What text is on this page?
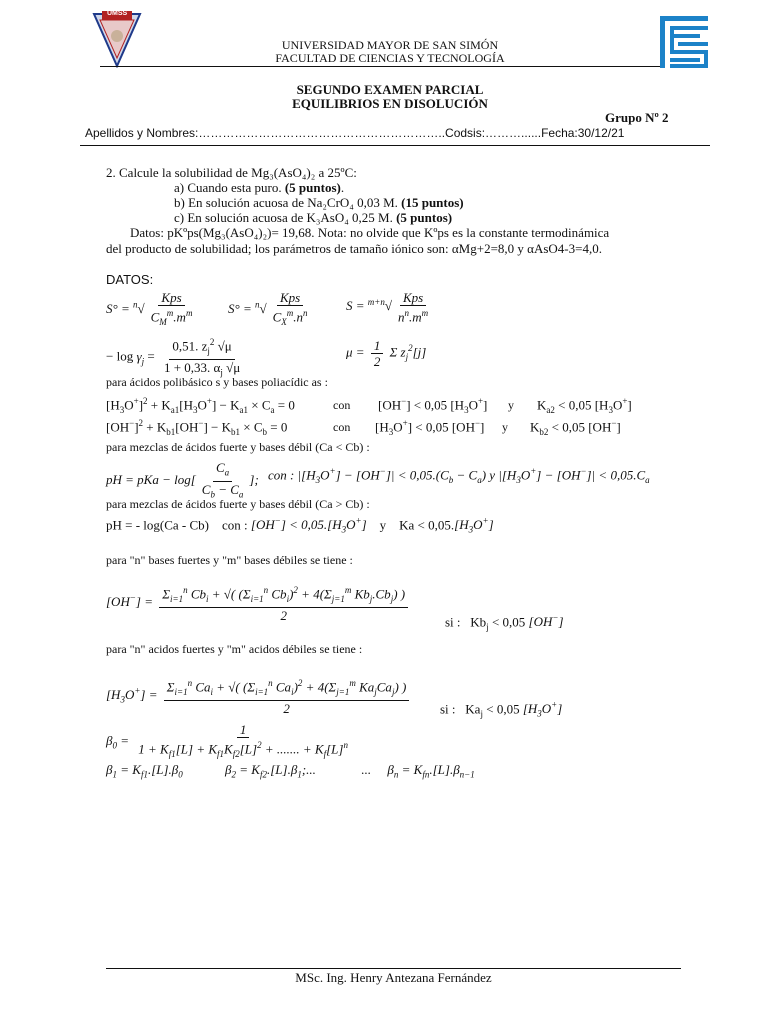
UMSS
UNIVERSIDAD MAYOR DE SAN SIMÓN
FACULTAD DE CIENCIAS Y TECNOLOGÍA
SEGUNDO EXAMEN PARCIAL
EQUILIBRIOS EN DISOLUCIÓN
Grupo Nº 2
Apellidos y Nombres:……………………………………………………..Codsis:………......Fecha:30/12/21
2. Calcule la solubilidad de Mg₃(AsO₄)₂ a 25ºC:
a) Cuando esta puro. (5 puntos).
b) En solución acuosa de Na₂CrO₄ 0,03 M. (15 puntos)
c) En solución acuosa de K₃AsO₄ 0,25 M. (5 puntos)
Datos: pKºps(Mg₃(AsO₄)₂)= 19,68. Nota: no olvide que Kºps es la constante termodinámica
del producto de solubilidad; los parámetros de tamaño iónico son: αMg+2=8,0 y αAsO4-3=4,0.
DATOS:
$S^\circ = ^n√ \frac{\text{Kps}}{C_M^m.m^m}$	$S^\circ = ^n√ \frac{\text{Kps}}{C_X^m.n^n}$	$S = ^{m+n}√ \frac{\text{Kps}}{n^n.m^m}$
− $\log \gamma_j = \frac{0,51. z_j^2 √\mu}{1 + 0,33. \alpha_j √\mu}$	$\mu = \frac{1}{2}$ Σ $z_j^2[j]$
para ácidos polibásico s y bases poliacídic as :
$[H_3O^+]^2 + K_{a1}[H_3O^+] - K_{a1} \times C_a = 0$	con [OH−] < 0,05 $[H_3O^+]$ y $K_{a2} < 0,05$ $[H_3O^+]$
$[OH^-]^2 + K_{b1}[OH^-] - K_{b1} \times C_b = 0$	con $[H_3O^+] < 0,05$ [OH−] y $K_{b2} < 0,05$ [OH−]
para mezclas de ácidos fuerte y bases débil (Ca < Cb) :
pH = pKa − $\log[ \frac{C_a}{C_b - C_a}$ ]; con : $|[H_3O^+] - [OH^-]| < 0,05.(C_b - C_a)$ y $|[H_3O^+] - [OH^-]| < 0,05.C_a$
para mezclas de ácidos fuerte y bases débil (Ca > Cb) :
pH = - log(Ca - Cb)    con : $[OH^-] < 0,05.[H_3O^+]$    y    $Ka < 0,05.[H_3O^+]$
para "n" bases fuertes y "m" bases débiles se tiene :
$[OH^-] = \frac{\Sigma_{i=1}^n Cb_i + √( (\Sigma_{i=1}^n Cb_i)^2 + 4(\Sigma_{j=1}^m Kb_j.Cb_j) )}{2}$	si :   $Kb_j < 0,05$ [OH−]
para "n" acidos fuertes y "m" acidos débiles se tiene :
$[H_3O^+] = \frac{\Sigma_{i=1}^n Ca_i + √( (\Sigma_{i=1}^n Ca_i)^2 + 4(\Sigma_{j=1}^m Ka_jCa_j) )}{2}$ si :   $Ka_j < 0,05$ $[H_3O^+]$
$\beta_0 = \frac{1}{1 + K_{f1}[L] + K_{f1}K_{f2}[L]^2 + ....... + K_f[L]^n}$
$\beta_1 = K_{f1}.[L].\beta_0$             $\beta_2 = K_{f2}.[L].\beta_1$;...              ...     $\beta_n = K_{fn}.[L].\beta_{n-1}$
MSc. Ing. Henry Antezana Fernández
